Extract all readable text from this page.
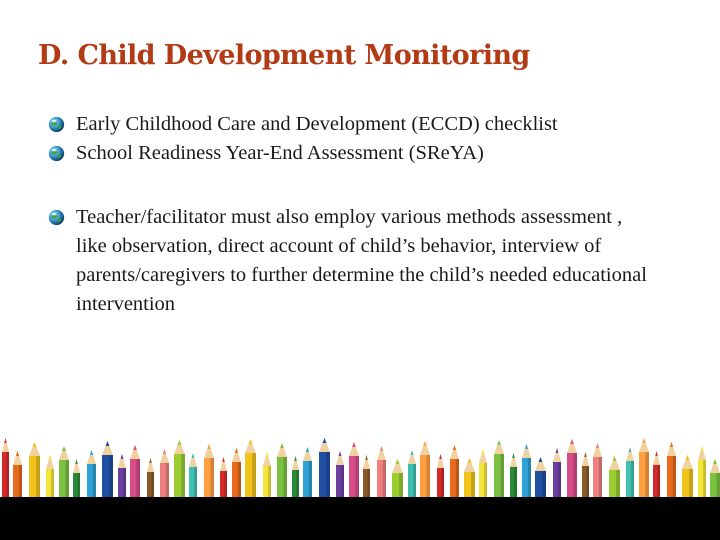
D. Child Development Monitoring
Early Childhood Care and Development (ECCD) checklist
School Readiness Year-End Assessment (SReYA)
Teacher/facilitator must also employ various methods assessment , like observation, direct account of child’s behavior, interview of parents/caregivers to further determine the child’s needed educational intervention
